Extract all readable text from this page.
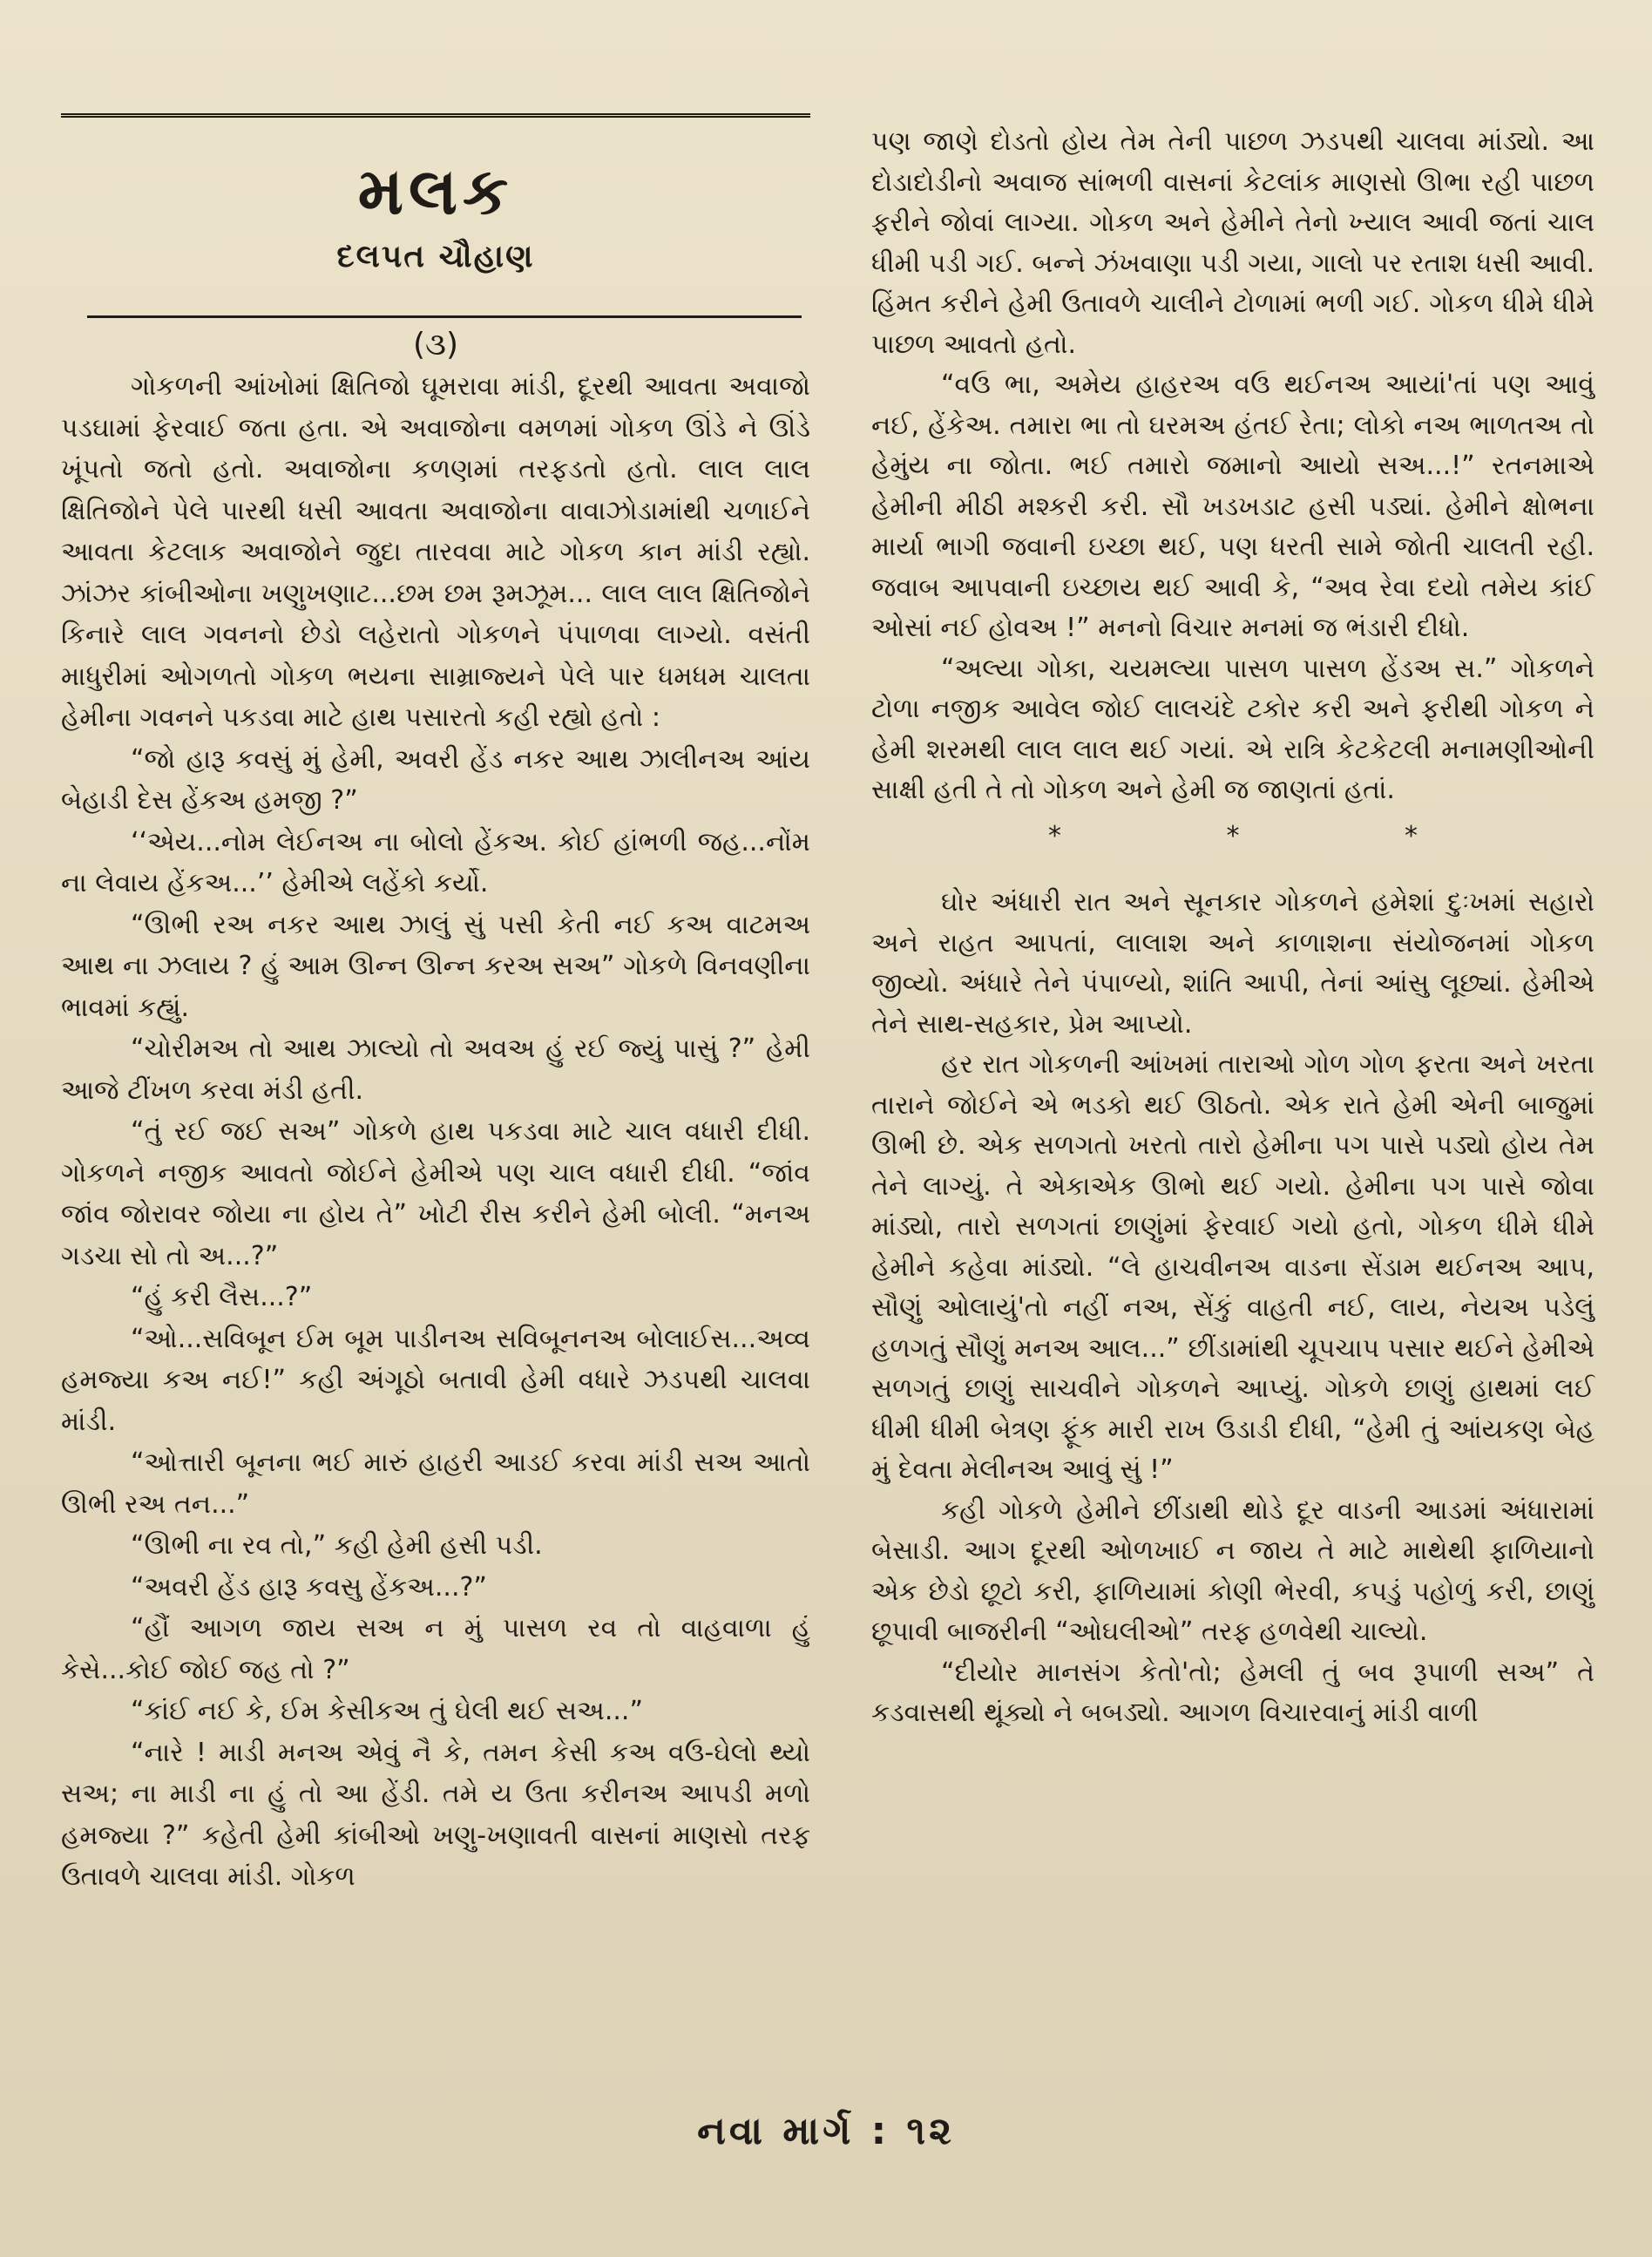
મલક
દલપત ચૌહાણ
(૩)

ગોકળની આંખોમાં ક્ષિતિજો ઘૂમરાવા માંડી, દૂરથી આવતા અવાજો પડઘામાં ફેરવાઈ જતા હતા. એ અવાજોના વમળમાં ગોકળ ઊંડે ને ઊંડે ખૂંપતો જતો હતો. અવાજોના કળણમાં તરફડતો હતો. લાલ લાલ ક્ષિતિજોને પેલે પારથી ધસી આવતા અવાજોના વાવાઝોડામાંથી ચળાઈને આવતા કેટલાક અવાજોને જુદા તારવવા માટે ગોકળ કાન માંડી રહ્યો. ઝાંઝર કાંબીઓના ખણુખણાટ...છમ છમ રૂમઝૂમ... લાલ લાલ ક્ષિતિજોને કિનારે લાલ ગવનનો છેડો લહેરાતો ગોકળને પંપાળવા લાગ્યો. વસંતી માધુરીમાં ઓગળતો ગોકળ ભયના સામ્રાજ્યને પેલે પાર ધમધમ ચાલતા હેમીના ગવનને પકડવા માટે હાથ પસારતો કહી રહ્યો હતો :

“જો હારૂ કવસું મું હેમી, અવરી હેંડ નકર આથ ઝાલીનઅ આંય બેહાડી દેસ હેંકઅ હમજી ?”

‘‘એય...નોમ લેઈનઅ ના બોલો હેંકઅ. કોઈ હાંભળી જહ...નોંમ ના લેવાય હેંકઅ...’’ હેમીએ લહેંકો કર્યો.

“ઊભી રઅ નકર આથ ઝાલું સું પસી કેતી નઈ કઅ વાટમઅ આથ ના ઝલાય ? હું આમ ઊન્ન ઊન્ન કરઅ સઅ” ગોકળે વિનવણીના ભાવમાં કહ્યું.

“ચોરીમઅ તો આથ ઝાલ્યો તો અવઅ હું રઈ જ્યું પાસું ?” હેમી આજે ટીંખળ કરવા મંડી હતી.

“તું રઈ જઈ સઅ” ગોકળે હાથ પકડવા માટે ચાલ વધારી દીધી. ગોકળને નજીક આવતો જોઈને હેમીએ પણ ચાલ વધારી દીધી. “જાંવ જાંવ જોરાવર જોયા ના હોય તે” ખોટી રીસ કરીને હેમી બોલી. “મનઅ ગડચા સો તો અ...?”

“હું કરી લૈસ...?”

“ઓ...સવિબૂન ઈમ બૂમ પાડીનઅ સવિબૂનનઅ બોલાઈસ...અવ્વ હમજ્યા કઅ નઈ!” કહી અંગૂઠો બતાવી હેમી વધારે ઝડપથી ચાલવા માંડી.

“ઓત્તારી બૂનના ભઈ મારું હાહરી આડઈ કરવા માંડી સઅ આતો ઊભી રઅ તન...”

“ઊભી ના રવ તો,” કહી હેમી હસી પડી.

“અવરી હેંડ હારૂ કવસુ હેંકઅ...?”

“હૌં આગળ જાય સઅ ન મું પાસળ રવ તો વાહવાળા હું કેસે...કોઈ જોઈ જહ તો ?”

“કાંઈ નઈ કે, ઈમ કેસીકઅ તું ઘેલી થઈ સઅ...”

“નારે ! માડી મનઅ એવું નૈ કે, તમન કેસી કઅ વઉ-ઘેલો થ્યો સઅ; ના માડી ના હું તો આ હેંડી. તમે ય ઉતા કરીનઅ આપડી મળો હમજ્યા ?” કહેતી હેમી કાંબીઓ ખણુ-ખણાવતી વાસનાં માણસો તરફ ઉતાવળે ચાલવા માંડી. ગોકળ

પણ જાણે દોડતો હોય તેમ તેની પાછળ ઝડપથી ચાલવા માંડ્યો. આ દોડાદોડીનો અવાજ સાંભળી વાસનાં કેટલાંક માણસો ઊભા રહી પાછળ ફરીને જોવાં લાગ્યા. ગોકળ અને હેમીને તેનો ખ્યાલ આવી જતાં ચાલ ધીમી પડી ગઈ. બન્ને ઝંખવાણા પડી ગયા, ગાલો પર રતાશ ધસી આવી. હિંમત કરીને હેમી ઉતાવળે ચાલીને ટોળામાં ભળી ગઈ. ગોકળ ધીમે ધીમે પાછળ આવતો હતો.

“વઉ ભા, અમેય હાહરઅ વઉ થઈનઅ આયાં'તાં પણ આવું નઈ, હેંકેઅ. તમારા ભા તો ઘરમઅ હંતઈ રેતા; લોકો નઅ ભાળતઅ તો હેમુંય ના જોતા. ભઈ તમારો જમાનો આયો સઅ...!” રતનમાએ હેમીની મીઠી મશ્કરી કરી. સૌ ખડખડાટ હસી પડ્યાં. હેમીને ક્ષોભના માર્યા ભાગી જવાની ઇચ્છા થઈ, પણ ધરતી સામે જોતી ચાલતી રહી. જવાબ આપવાની ઇચ્છાય થઈ આવી કે, “અવ રેવા દયો તમેય કાંઈ ઓસાં નઈ હોવઅ !” મનનો વિચાર મનમાં જ ભંડારી દીધો.

“અલ્યા ગોકા, ચયમલ્યા પાસળ પાસળ હેંડઅ સ.” ગોકળને ટોળા નજીક આવેલ જોઈ લાલચંદે ટકોર કરી અને ફરીથી ગોકળ ને હેમી શરમથી લાલ લાલ થઈ ગયાં. એ રાત્રિ કેટકેટલી મનામણીઓની સાક્ષી હતી તે તો ગોકળ અને હેમી જ જાણતાં હતાં.

* * *

ઘોર અંધારી રાત અને સૂનકાર ગોકળને હમેશાં દુઃખમાં સહારો અને રાહત આપતાં, લાલાશ અને કાળાશના સંયોજનમાં ગોકળ જીવ્યો. અંધારે તેને પંપાળ્યો, શાંતિ આપી, તેનાં આંસુ લૂછ્યાં. હેમીએ તેને સાથ-સહકાર, પ્રેમ આપ્યો.

હર રાત ગોકળની આંખમાં તારાઓ ગોળ ગોળ ફરતા અને ખરતા તારાને જોઈને એ ભડકો થઈ ઊઠતો. એક રાતે હેમી એની બાજુમાં ઊભી છે. એક સળગતો ખરતો તારો હેમીના પગ પાસે પડ્યો હોય તેમ તેને લાગ્યું. તે એકાએક ઊભો થઈ ગયો. હેમીના પગ પાસે જોવા માંડ્યો, તારો સળગતાં છાણુંમાં ફેરવાઈ ગયો હતો, ગોકળ ધીમે ધીમે હેમીને કહેવા માંડ્યો. “લે હાચવીનઅ વાડના સેંડામ થઈનઅ આપ, સૌણું ઓલાયું'તો નહીં નઅ, સેંકું વાહતી નઈ, લાય, નેયઅ પડેલું હળગતું સૌણું મનઅ આલ...” છીંડામાંથી ચૂપચાપ પસાર થઈને હેમીએ સળગતું છાણું સાચવીને ગોકળને આપ્યું. ગોકળે છાણું હાથમાં લઈ ધીમી ધીમી બેત્રણ ફૂંક મારી રાખ ઉડાડી દીધી, “હેમી તું આંયકણ બેહ મું દેવતા મેલીનઅ આવું સું !”

કહી ગોકળે હેમીને છીંડાથી થોડે દૂર વાડની આડમાં અંધારામાં બેસાડી. આગ દૂરથી ઓળખાઈ ન જાય તે માટે માથેથી ફાળિયાનો એક છેડો છૂટો કરી, ફાળિયામાં કોણી ભેરવી, કપડું પહોળું કરી, છાણું છૂપાવી બાજરીની “ઓઘલીઓ” તરફ હળવેથી ચાલ્યો.

“દીયોર માનસંગ કેતો'તો; હેમલી તું બવ રૂપાળી સઅ” તે કડવાસથી થૂંક્યો ને બબડ્યો. આગળ વિચારવાનું માંડી વાળી

નવા માર્ગ : ૧૨
